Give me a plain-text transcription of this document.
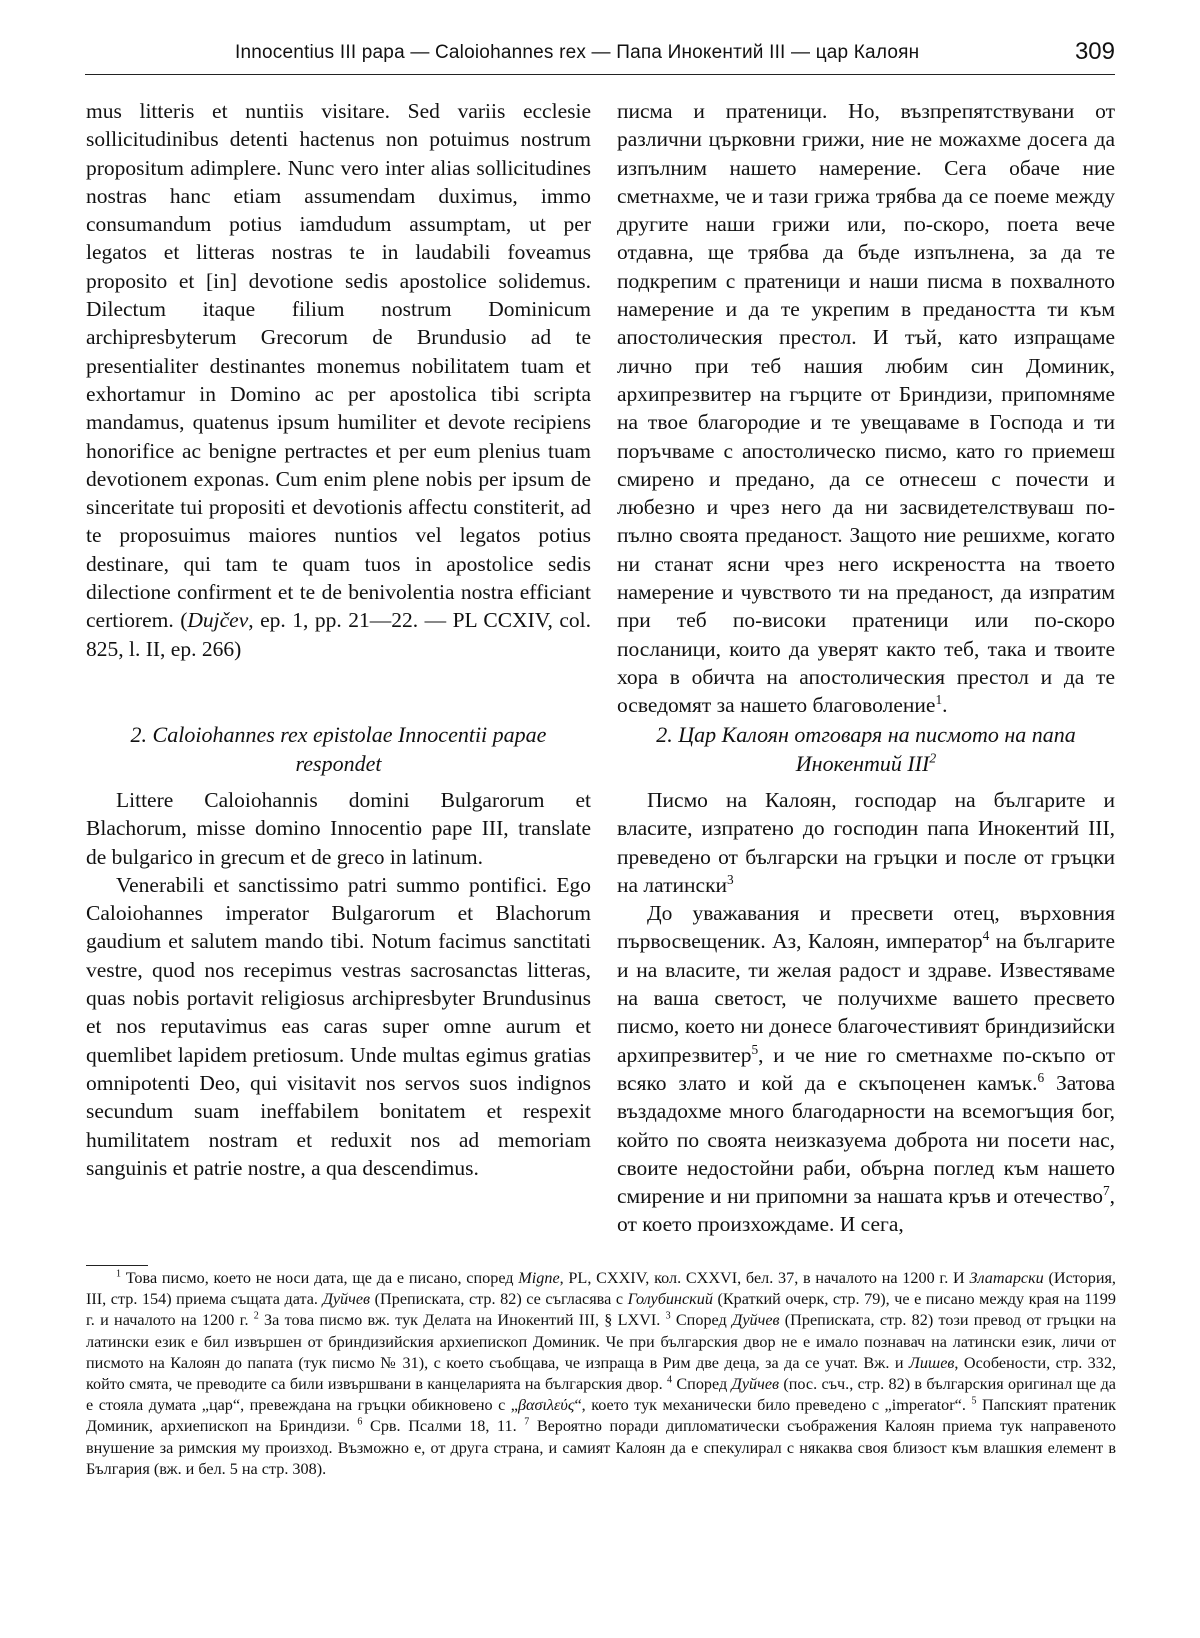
Innocentius III papa — Caloiohannes rex — Папа Инокентий III — цар Калоян	309

mus litteris et nuntiis visitare. Sed variis ecclesie sollicitudinibus detenti hactenus non potuimus nostrum propositum adimplere. Nunc vero inter alias sollicitudines nostras hanc etiam assumendam duximus, immo consumandum potius iamdudum assumptam, ut per legatos et litteras nostras te in laudabili foveamus proposito et [in] devotione sedis apostolice solidemus. Dilectum itaque filium nostrum Dominicum archipresbyterum Grecorum de Brundusio ad te presentialiter destinantes monemus nobilitatem tuam et exhortamur in Domino ac per apostolica tibi scripta mandamus, quatenus ipsum humiliter et devote recipiens honorifice ac benigne pertractes et per eum plenius tuam devotionem exponas. Cum enim plene nobis per ipsum de sinceritate tui propositi et devotionis affectu constiterit, ad te proposuimus maiores nuntios vel legatos potius destinare, qui tam te quam tuos in apostolice sedis dilectione confirment et te de benivolentia nostra efficiant certiorem. (Dujčev, ep. 1, pp. 21—22. — PL CCXIV, col. 825, l. II, ep. 266)

2. Caloiohannes rex epistolae Innocentii papae respondet

Littere Caloiohannis domini Bulgarorum et Blachorum, misse domino Innocentio pape III, translate de bulgarico in grecum et de greco in latinum.

Venerabili et sanctissimo patri summo pontifici. Ego Caloiohannes imperator Bulgarorum et Blachorum gaudium et salutem mando tibi. Notum facimus sanctitati vestre, quod nos recepimus vestras sacrosanctas litteras, quas nobis portavit religiosus archipresbyter Brundusinus et nos reputavimus eas caras super omne aurum et quemlibet lapidem pretiosum. Unde multas egimus gratias omnipotenti Deo, qui visitavit nos servos suos indignos secundum suam ineffabilem bonitatem et respexit humilitatem nostram et reduxit nos ad memoriam sanguinis et patrie nostre, a qua descendimus.

писма и пратеници. Но, възпрепятствувани от различни църковни грижи, ние не можахме досега да изпълним нашето намерение. Сега обаче ние сметнахме, че и тази грижа трябва да се поеме между другите наши грижи или, по-скоро, поета вече отдавна, ще трябва да бъде изпълнена, за да те подкрепим с пратеници и наши писма в похвалното намерение и да те укрепим в предаността ти към апостолическия престол. И тъй, като изпращаме лично при теб нашия любим син Доминик, архипрезвитер на гърците от Бриндизи, припомняме на твое благородие и те увещаваме в Господа и ти поръчваме с апостолическо писмо, като го приемеш смирено и предано, да се отнесеш с почести и любезно и чрез него да ни засвидетелствуваш по-пълно своята преданост. Защото ние решихме, когато ни станат ясни чрез него искреността на твоето намерение и чувството ти на преданост, да изпратим при теб по-високи пратеници или по-скоро посланици, които да уверят както теб, така и твоите хора в обичта на апостолическия престол и да те осведомят за нашето благоволение$^1$.

2. Цар Калоян отговаря на писмото на папа Инокентий III$^2$

Писмо на Калоян, господар на българите и власите, изпратено до господин папа Инокентий III, преведено от български на гръцки и после от гръцки на латински$^3$

До уважавания и пресвети отец, върховния първосвещеник. Аз, Калоян, император$^4$ на българите и на власите, ти желая радост и здраве. Известяваме на ваша светост, че получихме вашето пресвето писмо, което ни донесе благочестивият бриндизийски архипрезвитер$^5$, и че ние го сметнахме по-скъпо от всяко злато и кой да е скъпоценен камък.$^6$ Затова въздадохме много благодарности на всемогъщия бог, който по своята неизказуема доброта ни посети нас, своите недостойни раби, обърна поглед към нашето смирение и ни припомни за нашата кръв и отечество$^7$, от което произхождаме. И сега,

$^1$ Това писмо, което не носи дата, ще да е писано, според Migne, PL, CXXIV, кол. CXXVI, бел. 37, в началото на 1200 г. И Златарски (История, III, стр. 154) приема същата дата. Дуйчев (Преписката, стр. 82) се съгласява с Голубинский (Краткий очерк, стр. 79), че е писано между края на 1199 г. и началото на 1200 г. $^2$ За това писмо вж. тук Делата на Инокентий III, § LXVI. $^3$ Според Дуйчев (Преписката, стр. 82) този превод от гръцки на латински език е бил извършен от бриндизийския архиепископ Доминик. Че при българския двор не е имало познавач на латински език, личи от писмото на Калоян до папата (тук писмо № 31), с което съобщава, че изпраща в Рим две деца, за да се учат. Вж. и Лишев, Особености, стр. 332, който смята, че преводите са били извършвани в канцеларията на българския двор. $^4$ Според Дуйчев (пос. съч., стр. 82) в българския оригинал ще да е стояла думата „цар“, превеждана на гръцки обикновено с „βασιλεύς“, което тук механически било преведено с „imperator“. $^5$ Папският пратеник Доминик, архиепископ на Бриндизи. $^6$ Срв. Псалми 18, 11. $^7$ Вероятно поради дипломатически съображения Калоян приема тук направеното внушение за римския му произход. Възможно е, от друга страна, и самият Калоян да е спекулирал с някаква своя близост към влашкия елемент в България (вж. и бел. 5 на стр. 308).
